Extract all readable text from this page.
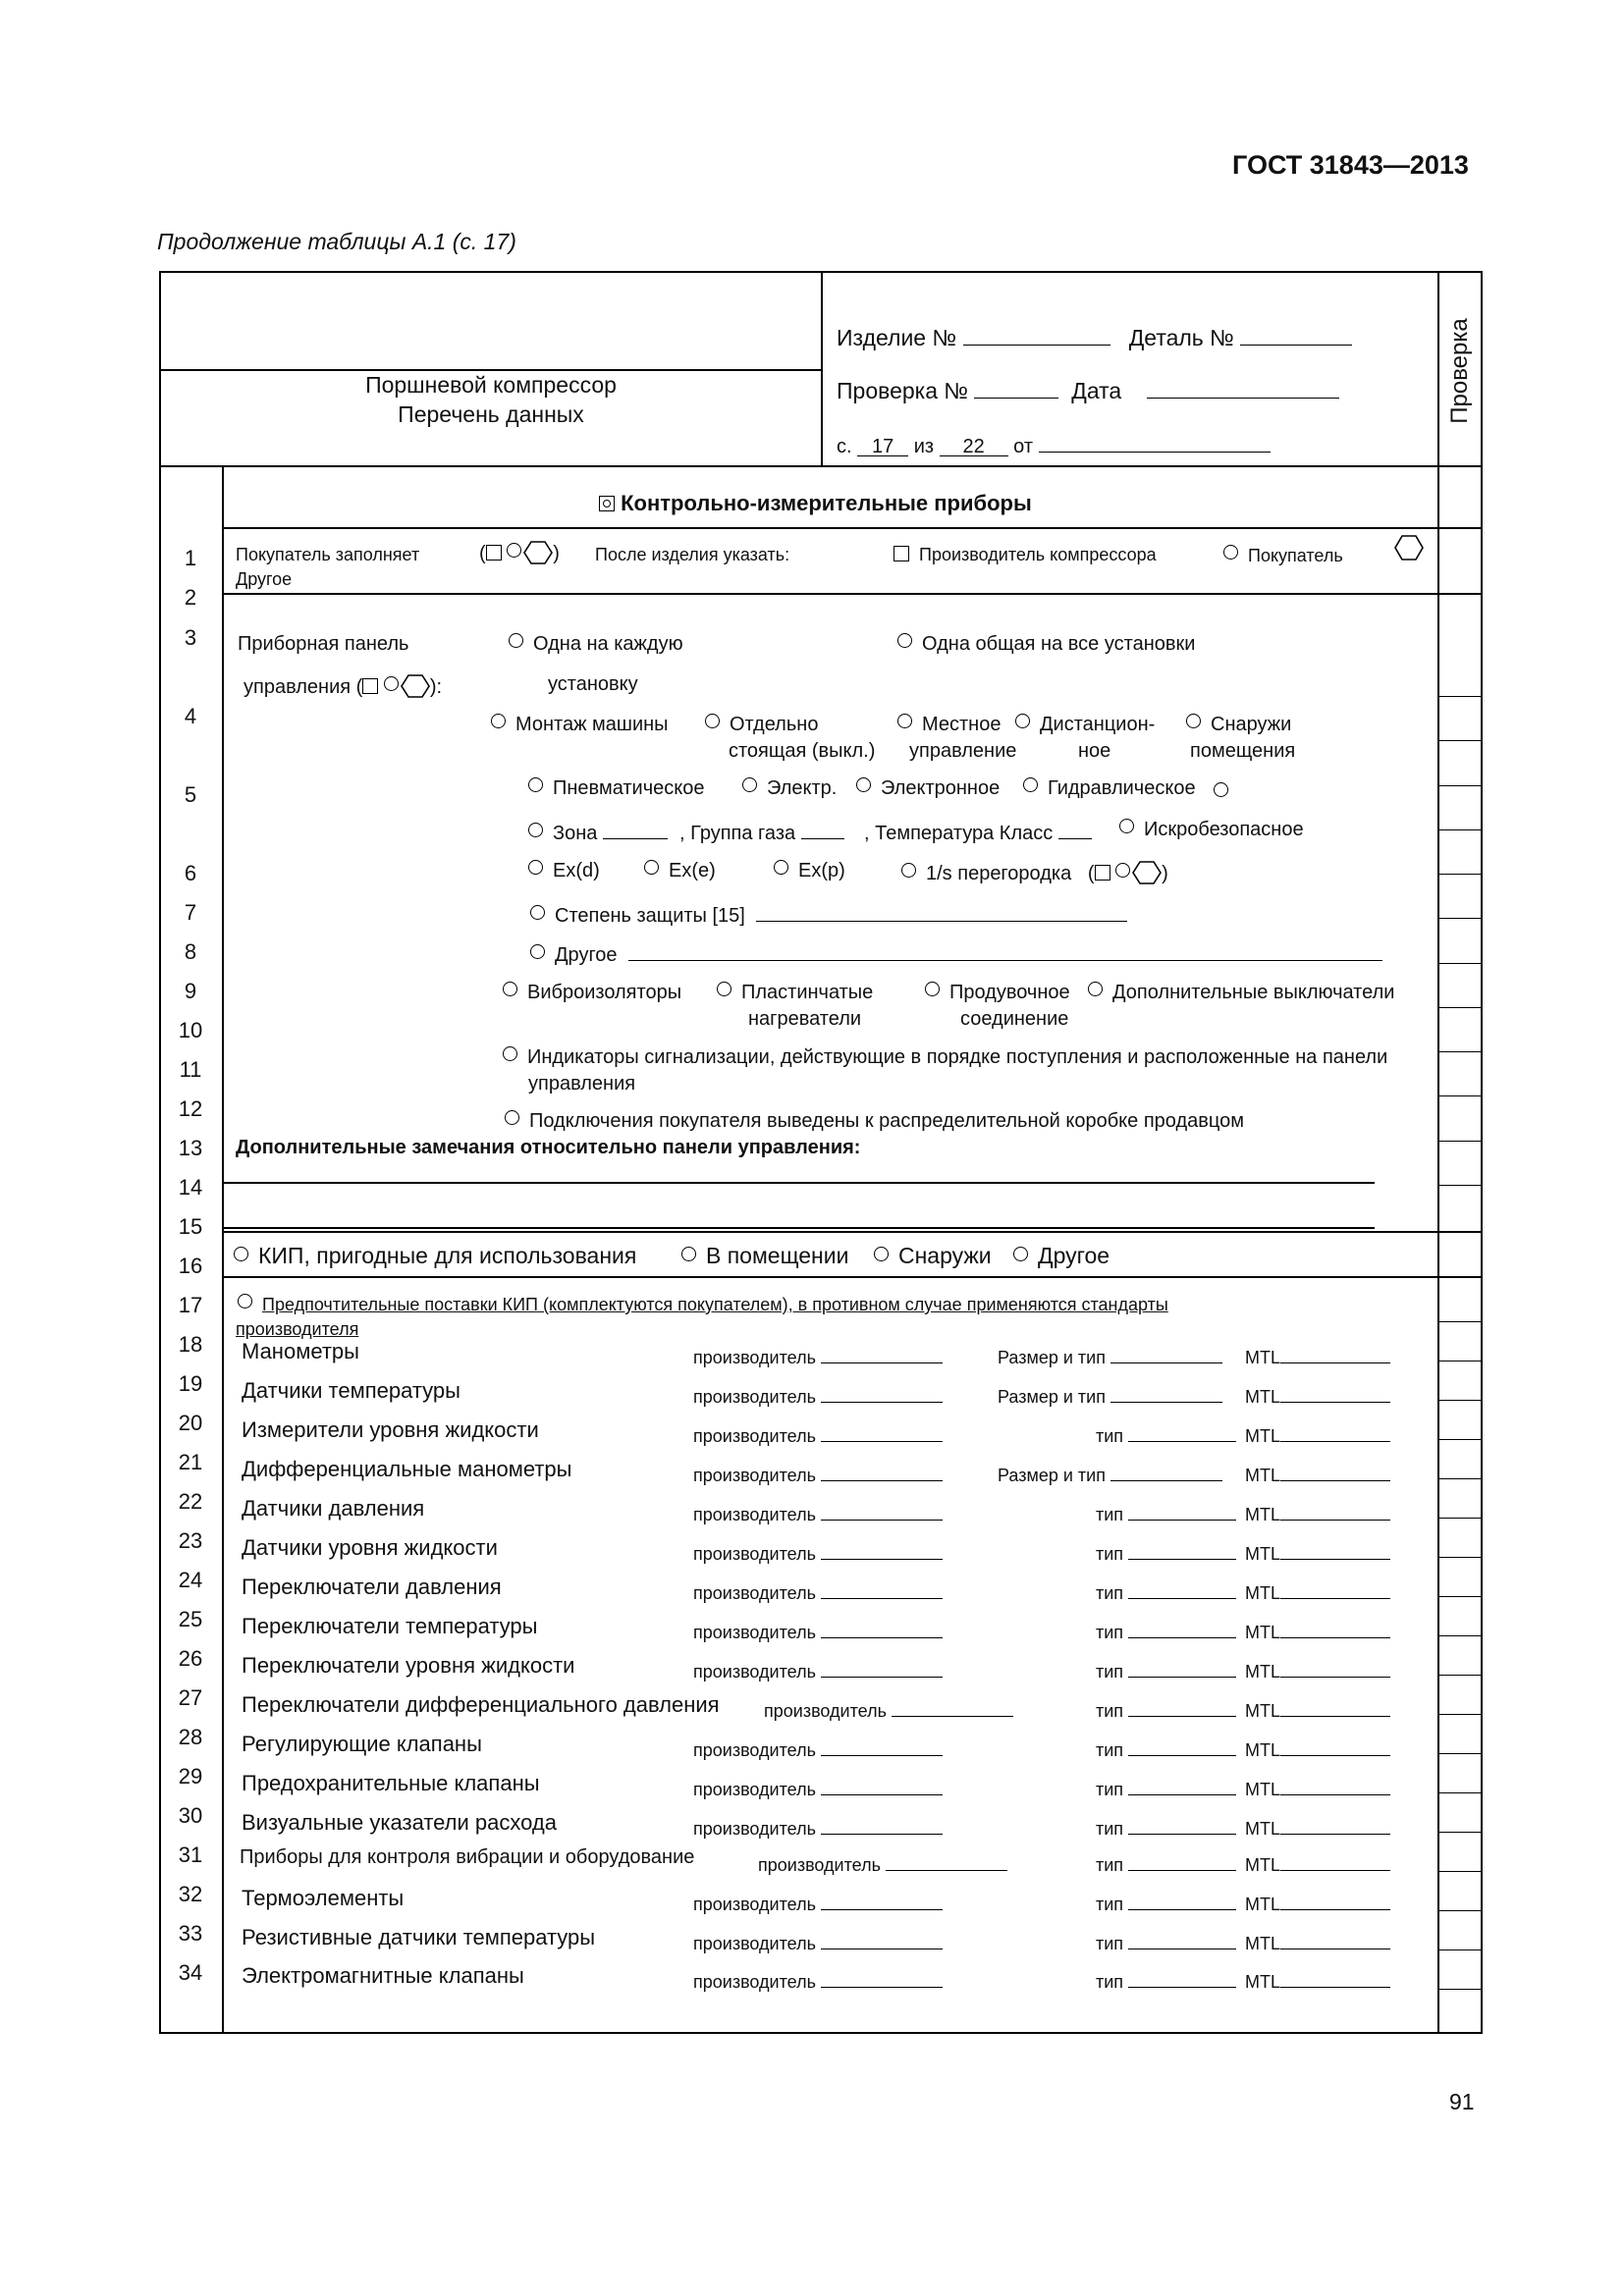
ГОСТ 31843—2013
Продолжение таблицы А.1 (с. 17)
Поршневой компрессор
Перечень данных
Изделие №	Деталь №
Проверка №	Дата
с. 17 из 22 от
Проверка
1
2
3
4
5
6
7
8
9
10
11
12
13
14
15
16
17
18
19
20
21
22
23
24
25
26
27
28
29
30
31
32
33
34
Контрольно-измерительные приборы
Покупатель заполняет	(	) После изделия указать:	Производитель компрессора	Покупатель
Другое
Приборная панель
управления (	):
Одна на каждую
установку
Одна общая на все установки
Монтаж машины	Отдельно
стоящая (выкл.)
Местное
управление
Дистанцион-
ное
Снаружи
помещения
Пневматическое	Электр.	Электронное	Гидравлическое
Зона	, Группа газа	, Температура Класс	Искробезопасное
Ex(d)	Ex(e)	Ex(p)	1/s перегородка   (	)
Степень защиты [15]
Другое
Виброизоляторы	Пластинчатые
нагреватели
Продувочное
соединение
Дополнительные выключатели
Индикаторы сигнализации, действующие в порядке поступления и расположенные на панели
управления
Подключения покупателя выведены к распределительной коробке продавцом
Дополнительные замечания относительно панели управления:
КИП, пригодные для использования	В помещении	Снаружи	Другое
Предпочтительные поставки КИП (комплектуются покупателем), в противном случае применяются стандарты
производителя
Манометры	производитель	Размер и тип	MTL
Датчики температуры	производитель	Размер и тип	MTL
Измерители уровня жидкости	производитель	тип	MTL
Дифференциальные манометры	производитель	Размер и тип	MTL
Датчики давления	производитель	тип	MTL
Датчики уровня жидкости	производитель	тип	MTL
Переключатели давления	производитель	тип	MTL
Переключатели температуры	производитель	тип	MTL
Переключатели уровня жидкости	производитель	тип	MTL
Переключатели дифференциального давления	производитель	тип	MTL
Регулирующие клапаны	производитель	тип	MTL
Предохранительные клапаны	производитель	тип	MTL
Визуальные указатели расхода	производитель	тип	MTL
Приборы для контроля вибрации и оборудование	производитель	тип	MTL
Термоэлементы	производитель	тип	MTL
Резистивные датчики температуры	производитель	тип	MTL
Электромагнитные клапаны	производитель	тип	MTL
91
